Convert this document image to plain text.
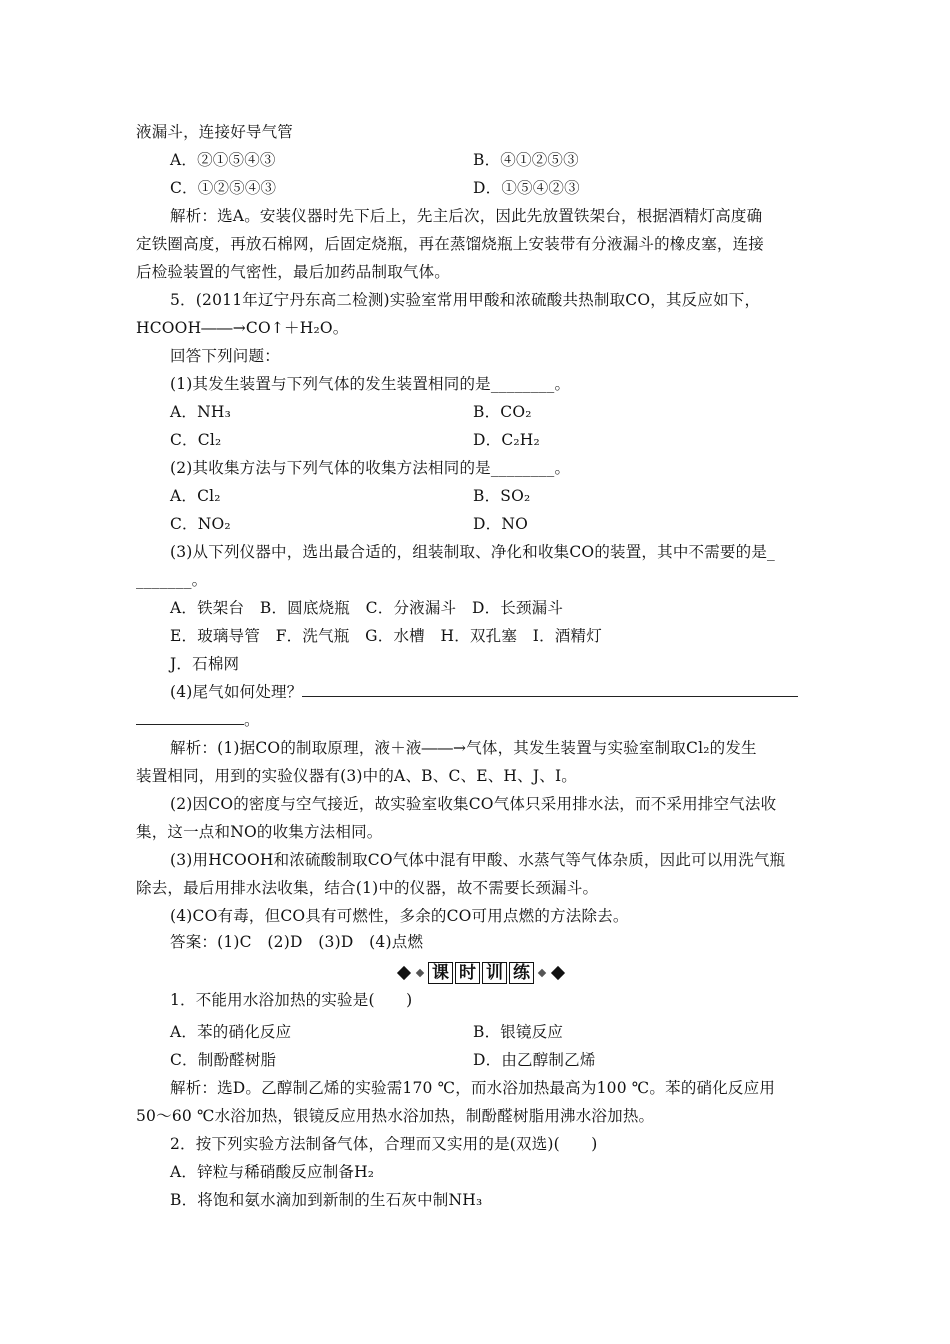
液漏斗，连接好导气管
A．②①⑤④③	B．④①②⑤③
C．①②⑤④③	D．①⑤④②③
解析：选A。安装仪器时先下后上，先主后次，因此先放置铁架台，根据酒精灯高度确
定铁圈高度，再放石棉网，后固定烧瓶，再在蒸馏烧瓶上安装带有分液漏斗的橡皮塞，连接
后检验装置的气密性，最后加药品制取气体。
5．(2011年辽宁丹东高二检测)实验室常用甲酸和浓硫酸共热制取CO，其反应如下，
HCOOH――→CO↑＋H₂O。
回答下列问题：
(1)其发生装置与下列气体的发生装置相同的是________。
A．NH₃	B．CO₂
C．Cl₂	D．C₂H₂
(2)其收集方法与下列气体的收集方法相同的是________。
A．Cl₂	B．SO₂
C．NO₂	D．NO
(3)从下列仪器中，选出最合适的，组装制取、净化和收集CO的装置，其中不需要的是_
_______。
A．铁架台　B．圆底烧瓶　C．分液漏斗　D．长颈漏斗
E．玻璃导管　F．洗气瓶　G．水槽　H．双孔塞　I．酒精灯
J．石棉网
(4)尾气如何处理？
。
解析：(1)据CO的制取原理，液＋液――→气体，其发生装置与实验室制取Cl₂的发生
装置相同，用到的实验仪器有(3)中的A、B、C、E、H、J、I。
(2)因CO的密度与空气接近，故实验室收集CO气体只采用排水法，而不采用排空气法收
集，这一点和NO的收集方法相同。
(3)用HCOOH和浓硫酸制取CO气体中混有甲酸、水蒸气等气体杂质，因此可以用洗气瓶
除去，最后用排水法收集，结合(1)中的仪器，故不需要长颈漏斗。
(4)CO有毒，但CO具有可燃性，多余的CO可用点燃的方法除去。
答案：(1)C　(2)D　(3)D　(4)点燃
课 时 训 练
1．不能用水浴加热的实验是(　　)
A．苯的硝化反应	B．银镜反应
C．制酚醛树脂	D．由乙醇制乙烯
解析：选D。乙醇制乙烯的实验需170 ℃，而水浴加热最高为100 ℃。苯的硝化反应用
50～60 ℃水浴加热，银镜反应用热水浴加热，制酚醛树脂用沸水浴加热。
2．按下列实验方法制备气体，合理而又实用的是(双选)(　　)
A．锌粒与稀硝酸反应制备H₂
B．将饱和氨水滴加到新制的生石灰中制NH₃
